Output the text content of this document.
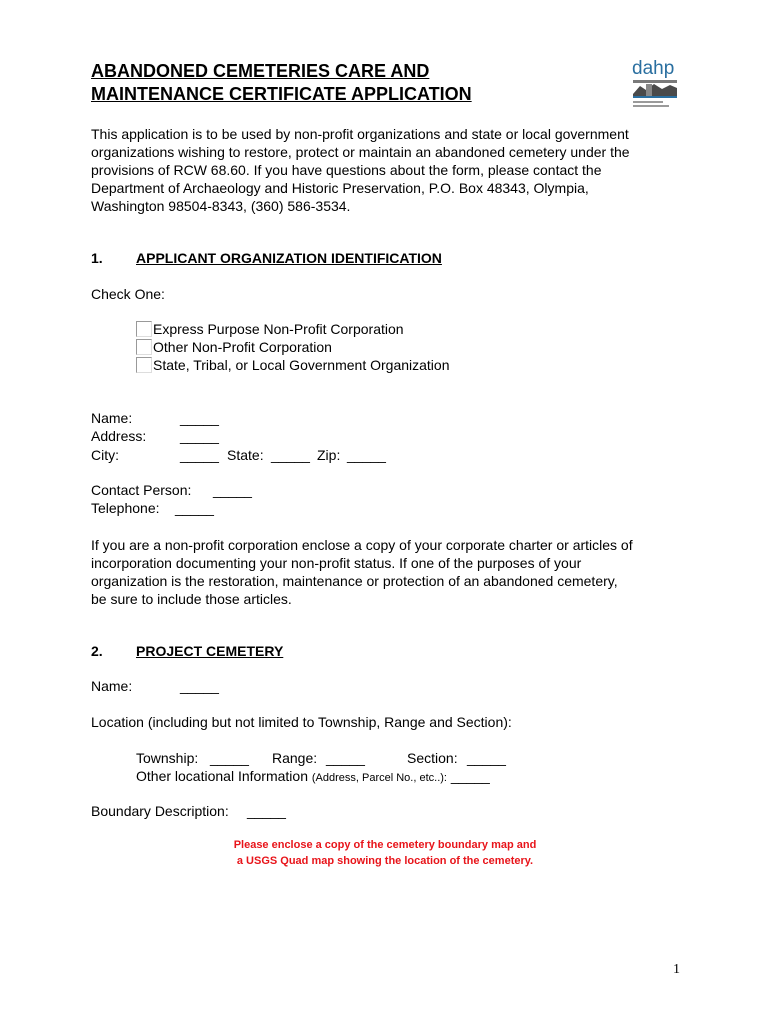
ABANDONED CEMETERIES CARE AND
MAINTENANCE CERTIFICATE APPLICATION
dahp
This application is to be used by non-profit organizations and state or local government
organizations wishing to restore, protect or maintain an abandoned cemetery under the
provisions of RCW 68.60. If you have questions about the form, please contact the
Department of Archaeology and Historic Preservation, P.O. Box 48343, Olympia,
Washington 98504-8343, (360) 586-3534.
1. APPLICANT ORGANIZATION IDENTIFICATION
Check One:
Express Purpose Non-Profit Corporation
Other Non-Profit Corporation
State, Tribal, or Local Government Organization
Name:	_____
Address: _____
City:	_____ State: _____ Zip: _____
Contact Person: _____
Telephone: _____
If you are a non-profit corporation enclose a copy of your corporate charter or articles of
incorporation documenting your non-profit status. If one of the purposes of your
organization is the restoration, maintenance or protection of an abandoned cemetery,
be sure to include those articles.
2. PROJECT CEMETERY
Name:	_____
Location (including but not limited to Township, Range and Section):
Township: _____ Range: _____	Section: _____
Other locational Information (Address, Parcel No., etc..): _____
Boundary Description: _____
Please enclose a copy of the cemetery boundary map and
a USGS Quad map showing the location of the cemetery.
1
